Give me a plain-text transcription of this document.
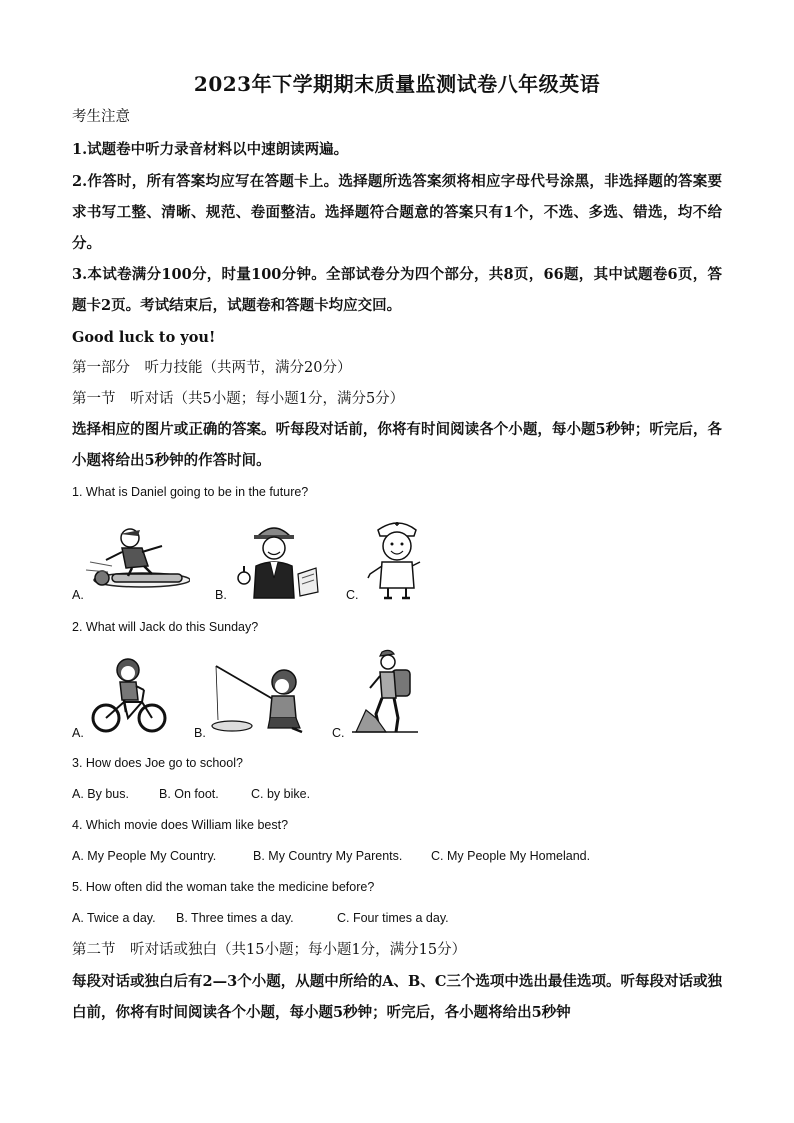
2023年下学期期末质量监测试卷八年级英语
考生注意
1.试题卷中听力录音材料以中速朗读两遍。
2.作答时，所有答案均应写在答题卡上。选择题所选答案须将相应字母代号涂黑，非选择题的答案要求书写工整、清晰、规范、卷面整洁。选择题符合题意的答案只有1个，不选、多选、错选，均不给分。
3.本试卷满分100分，时量100分钟。全部试卷分为四个部分，共8页，66题，其中试题卷6页，答题卡2页。考试结束后，试题卷和答题卡均应交回。
Good luck to you!
第一部分　听力技能（共两节，满分20分）
第一节　听对话（共5小题；每小题1分，满分5分）
选择相应的图片或正确的答案。听每段对话前，你将有时间阅读各个小题，每小题5秒钟；听完后，各小题将给出5秒钟的作答时间。
1. What is Daniel going to be in the future?
A.	B.	C.
2. What will Jack do this Sunday?
A.	B.	C.
3. How does Joe go to school?
A. By bus. B. On foot.	C. by bike.
4. Which movie does William like best?
A. My People My Country.	B. My Country My Parents. C. My People My Homeland.
5. How often did the woman take the medicine before?
A. Twice a day. B. Three times a day.	C. Four times a day.
第二节　听对话或独白（共15小题；每小题1分，满分15分）
每段对话或独白后有2—3个小题，从题中所给的A、B、C三个选项中选出最佳选项。听每段对话或独白前，你将有时间阅读各个小题，每小题5秒钟；听完后，各小题将给出5秒钟
